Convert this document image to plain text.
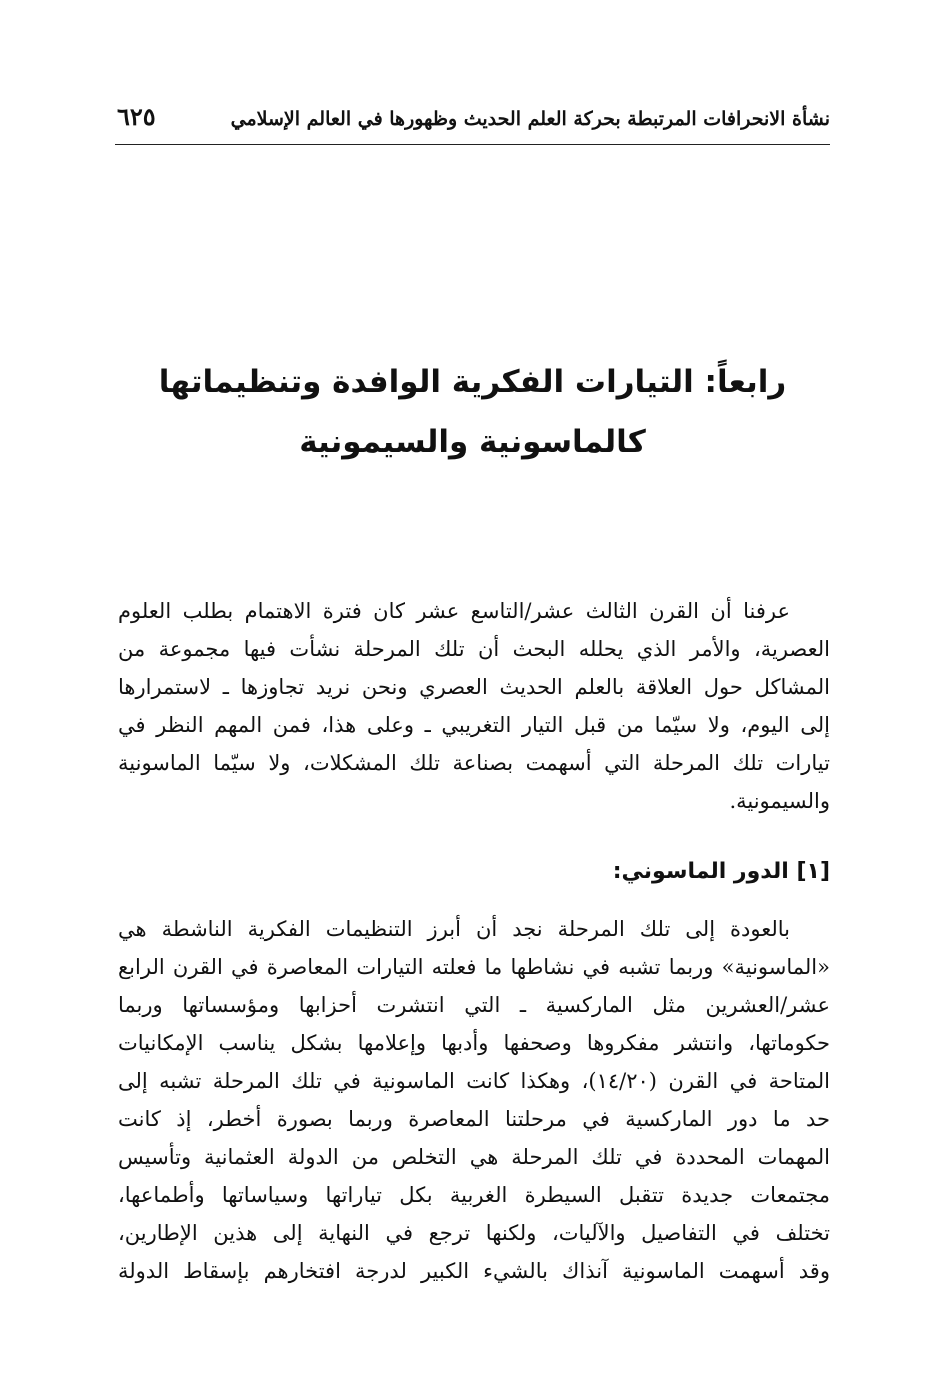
نشأة الانحرافات المرتبطة بحركة العلم الحديث وظهورها في العالم الإسلامي
٦٢٥
رابعاً: التيارات الفكرية الوافدة وتنظيماتها
كالماسونية والسيمونية
عرفنا أن القرن الثالث عشر/التاسع عشر كان فترة الاهتمام بطلب العلوم
العصرية، والأمر الذي يحلله البحث أن تلك المرحلة نشأت فيها مجموعة من
المشاكل حول العلاقة بالعلم الحديث العصري ونحن نريد تجاوزها ـ لاستمرارها
إلى اليوم، ولا سيّما من قبل التيار التغريبي ـ وعلى هذا، فمن المهم النظر في
تيارات تلك المرحلة التي أسهمت بصناعة تلك المشكلات، ولا سيّما الماسونية
والسيمونية.
[١] الدور الماسوني:
بالعودة إلى تلك المرحلة نجد أن أبرز التنظيمات الفكرية الناشطة هي
«الماسونية» وربما تشبه في نشاطها ما فعلته التيارات المعاصرة في القرن الرابع
عشر/العشرين مثل الماركسية ـ التي انتشرت أحزابها ومؤسساتها وربما
حكوماتها، وانتشر مفكروها وصحفها وأدبها وإعلامها بشكل يناسب الإمكانيات
المتاحة في القرن (١٤/٢٠)، وهكذا كانت الماسونية في تلك المرحلة تشبه إلى
حد ما دور الماركسية في مرحلتنا المعاصرة وربما بصورة أخطر، إذ كانت
المهمات المحددة في تلك المرحلة هي التخلص من الدولة العثمانية وتأسيس
مجتمعات جديدة تتقبل السيطرة الغربية بكل تياراتها وسياساتها وأطماعها،
تختلف في التفاصيل والآليات، ولكنها ترجع في النهاية إلى هذين الإطارين،
وقد أسهمت الماسونية آنذاك بالشيء الكبير لدرجة افتخارهم بإسقاط الدولة
